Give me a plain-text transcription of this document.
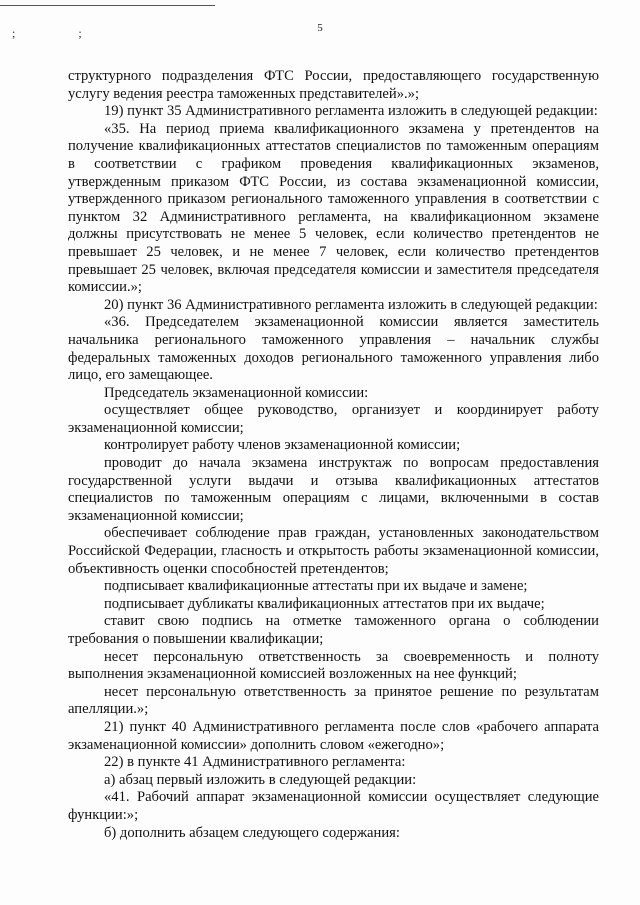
; ;	5

структурного подразделения ФТС России, предоставляющего государственную услугу ведения реестра таможенных представителей».»;

19) пункт 35 Административного регламента изложить в следующей редакции:

«35. На период приема квалификационного экзамена у претендентов на получение квалификационных аттестатов специалистов по таможенным операциям в соответствии с графиком проведения квалификационных экзаменов, утвержденным приказом ФТС России, из состава экзаменационной комиссии, утвержденного приказом регионального таможенного управления в соответствии с пунктом 32 Административного регламента, на квалификационном экзамене должны присутствовать не менее 5 человек, если количество претендентов не превышает 25 человек, и не менее 7 человек, если количество претендентов превышает 25 человек, включая председателя комиссии и заместителя председателя комиссии.»;

20) пункт 36 Административного регламента изложить в следующей редакции:

«36. Председателем экзаменационной комиссии является заместитель начальника регионального таможенного управления – начальник службы федеральных таможенных доходов регионального таможенного управления либо лицо, его замещающее.

Председатель экзаменационной комиссии:

осуществляет общее руководство, организует и координирует работу экзаменационной комиссии;

контролирует работу членов экзаменационной комиссии;

проводит до начала экзамена инструктаж по вопросам предоставления государственной услуги выдачи и отзыва квалификационных аттестатов специалистов по таможенным операциям с лицами, включенными в состав экзаменационной комиссии;

обеспечивает соблюдение прав граждан, установленных законодательством Российской Федерации, гласность и открытость работы экзаменационной комиссии, объективность оценки способностей претендентов;

подписывает квалификационные аттестаты при их выдаче и замене;

подписывает дубликаты квалификационных аттестатов при их выдаче;

ставит свою подпись на отметке таможенного органа о соблюдении требования о повышении квалификации;

несет персональную ответственность за своевременность и полноту выполнения экзаменационной комиссией возложенных на нее функций;

несет персональную ответственность за принятое решение по результатам апелляции.»;

21) пункт 40 Административного регламента после слов «рабочего аппарата экзаменационной комиссии» дополнить словом «ежегодно»;

22) в пункте 41 Административного регламента:

а) абзац первый изложить в следующей редакции:

«41. Рабочий аппарат экзаменационной комиссии осуществляет следующие функции:»;

б) дополнить абзацем следующего содержания:
